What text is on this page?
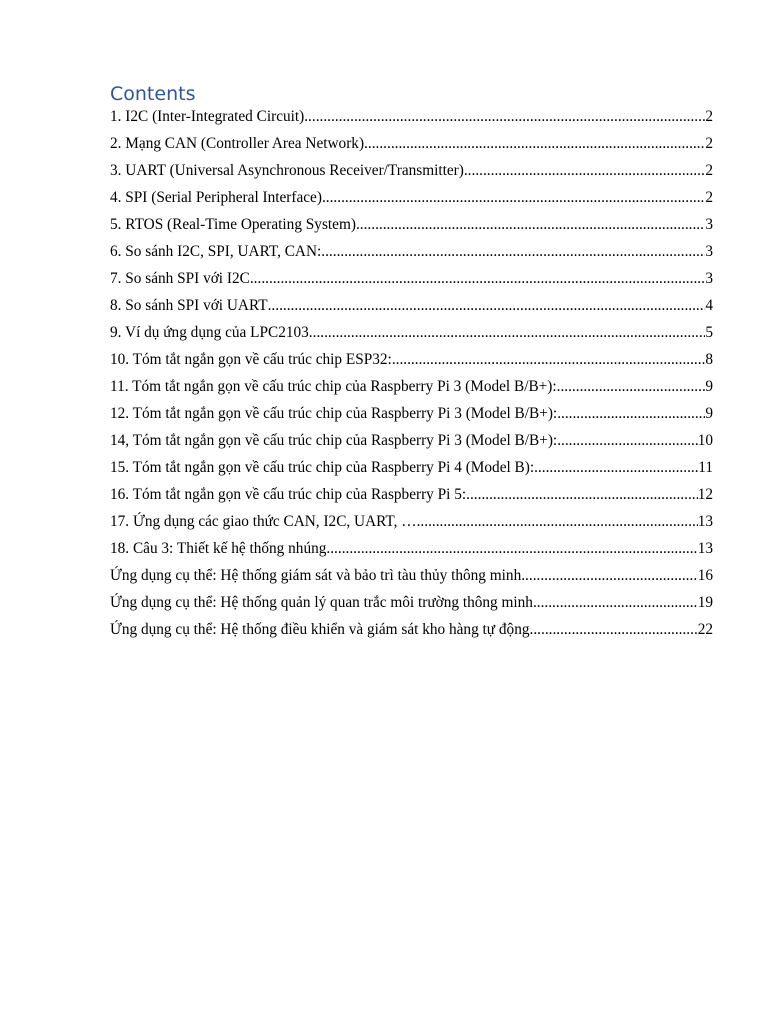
Contents
1. I2C (Inter-Integrated Circuit) .....	2
2. Mạng CAN (Controller Area Network) .....	2
3. UART (Universal Asynchronous Receiver/Transmitter) .....	2
4. SPI (Serial Peripheral Interface) .....	2
5. RTOS (Real-Time Operating System) .....	3
6. So sánh I2C, SPI, UART, CAN: .....	3
7. So sánh SPI với I2C .....	3
8. So sánh SPI với UART .....	4
9. Ví dụ ứng dụng của LPC2103 .....	5
10. Tóm tắt ngắn gọn về cấu trúc chip ESP32: .....	8
11. Tóm tắt ngắn gọn về cấu trúc chip của Raspberry Pi 3 (Model B/B+): .....	9
12. Tóm tắt ngắn gọn về cấu trúc chip của Raspberry Pi 3 (Model B/B+): .....	9
14, Tóm tắt ngắn gọn về cấu trúc chip của Raspberry Pi 3 (Model B/B+): .....	10
15. Tóm tắt ngắn gọn về cấu trúc chip của Raspberry Pi 4 (Model B): .....	11
16. Tóm tắt ngắn gọn về cấu trúc chip của Raspberry Pi 5: .....	12
17. Ứng dụng các giao thức CAN, I2C, UART, … .....	13
18. Câu 3: Thiết kế hệ thống nhúng .....	13
Ứng dụng cụ thể: Hệ thống giám sát và bảo trì tàu thủy thông minh .....	16
Ứng dụng cụ thể: Hệ thống quản lý quan trắc môi trường thông minh .....	19
Ứng dụng cụ thể: Hệ thống điều khiển và giám sát kho hàng tự động .....	22
